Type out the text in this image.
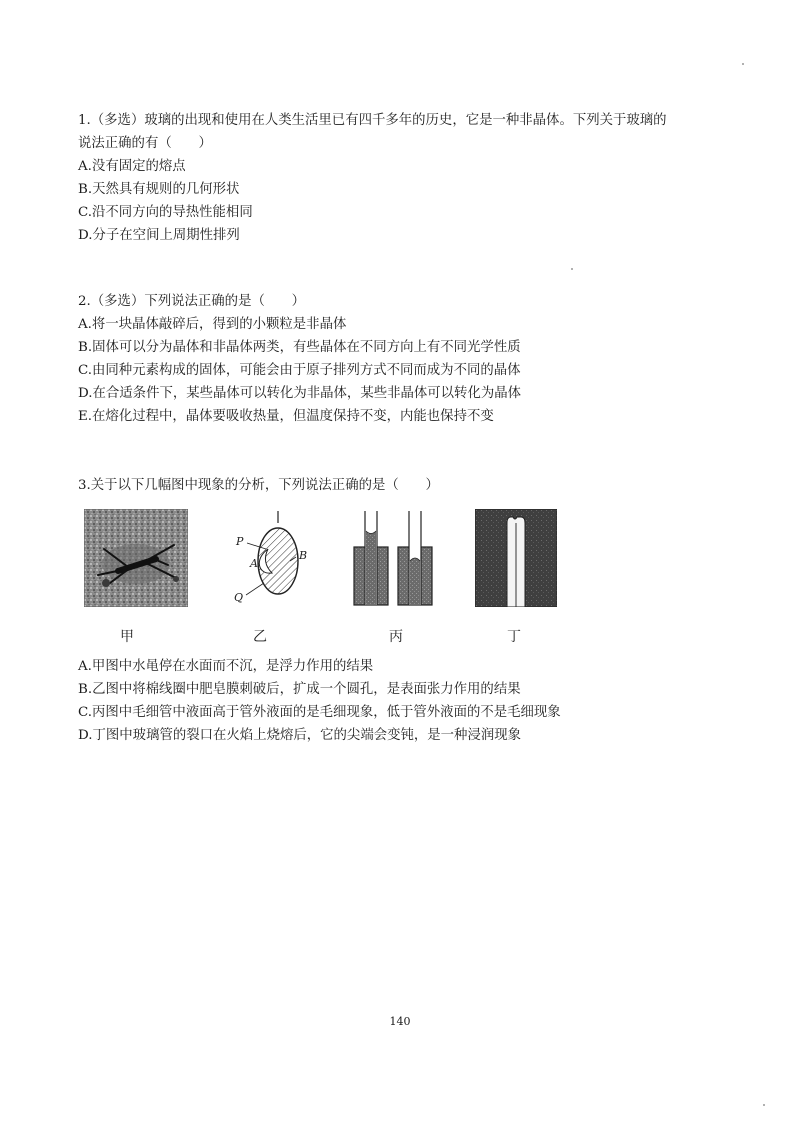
1.（多选）玻璃的出现和使用在人类生活里已有四千多年的历史，它是一种非晶体。下列关于玻璃的

说法正确的有（　　）

A.没有固定的熔点

B.天然具有规则的几何形状

C.沿不同方向的导热性能相同

D.分子在空间上周期性排列

2.（多选）下列说法正确的是（　　）

A.将一块晶体敲碎后，得到的小颗粒是非晶体

B.固体可以分为晶体和非晶体两类，有些晶体在不同方向上有不同光学性质

C.由同种元素构成的固体，可能会由于原子排列方式不同而成为不同的晶体

D.在合适条件下，某些晶体可以转化为非晶体，某些非晶体可以转化为晶体

E.在熔化过程中，晶体要吸收热量，但温度保持不变，内能也保持不变

3.关于以下几幅图中现象的分析，下列说法正确的是（　　）

P
A
B
Q
甲	乙	丙	丁

A.甲图中水黾停在水面而不沉，是浮力作用的结果

B.乙图中将棉线圈中肥皂膜刺破后，扩成一个圆孔，是表面张力作用的结果

C.丙图中毛细管中液面高于管外液面的是毛细现象，低于管外液面的不是毛细现象

D.丁图中玻璃管的裂口在火焰上烧熔后，它的尖端会变钝，是一种浸润现象

140
